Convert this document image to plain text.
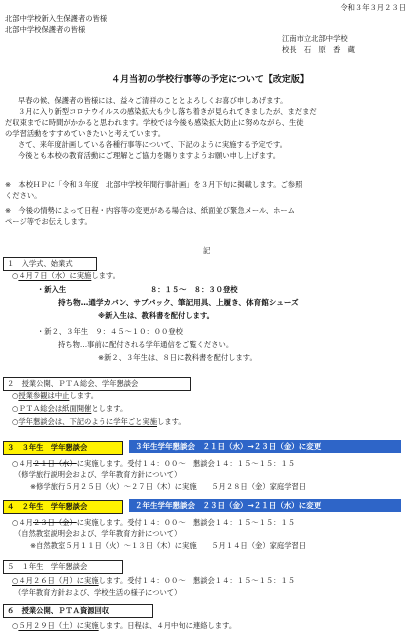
令和３年３月２３日
北部中学校新入生保護者の皆様
北部中学校保護者の皆様
江南市立北部中学校
校長　石　原　香　蔵
４月当初の学校行事等の予定について【改定版】
早春の候、保護者の皆様には、益々ご清祥のこととよろしくお喜び申しあげます。
３月に入り新型コロナウイルスの感染拡大も少し落ち着きが見られてきましたが、まだまだ
だ収束までに時間がかかると思われます。学校では今後も感染拡大防止に努めながら、生徒
の学習活動をすすめていきたいと考えています。
さて、来年度計画している各種行事等について、下記のように実施する予定です。
今後とも本校の教育活動にご理解とご協力を賜りますようお願い申し上げます。
※　本校ＨＰに「令和３年度　北部中学校年間行事計画」を３月下旬に掲載します。ご参照
ください。
※　今後の情勢によって日程・内容等の変更がある場合は、紙面並び緊急メール、ホーム
ページ等でお伝えします。
記
１　入学式、始業式
○４月７日（水）に実施します。
・新入生	８：１５～　８：３０登校
持ち物…通学カバン、サブバック、筆記用具、上履き、体育館シューズ
※新入生は、教科書を配付します。
・新２、３年生　９：４５～１０：００登校
持ち物…事前に配付される学年通信をご覧ください。
※新２、３年生は、８日に教科書を配付します。
２　授業公開、ＰＴＡ総会、学年懇談会
○授業参観は中止します。
○ＰＴＡ総会は紙面開催とします。
○学年懇談会は、下記のように学年ごと実施します。
３　３年生　学年懇談会	３年生学年懇談会　２１日（水）→２３日（金）に変更
○４月２１日（水）に実施します。受付１４：００～　懇談会１４：１５～１５：１５
（修学旅行説明会および、学年教育方針について）
※修学旅行５月２５日（火）～２７日（木）に実施　　５月２８日（金）家庭学習日
４　２年生　学年懇談会	２年生学年懇談会　２３日（金）→２１日（水）に変更
○４月２３日（金）に実施します。受付１４：００～　懇談会１４：１５～１５：１５
（自然教室説明会および、学年教育方針について）
※自然教室５月１１日（火）～１３日（木）に実施　　５月１４日（金）家庭学習日
５　１年生　学年懇談会
○４月２６日（月）に実施します。受付１４：００～　懇談会１４：１５～１５：１５
（学年教育方針および、学校生活の様子について）
６　授業公開、ＰＴＡ資源回収
○５月２９日（土）に実施します。日程は、４月中旬に連絡します。
